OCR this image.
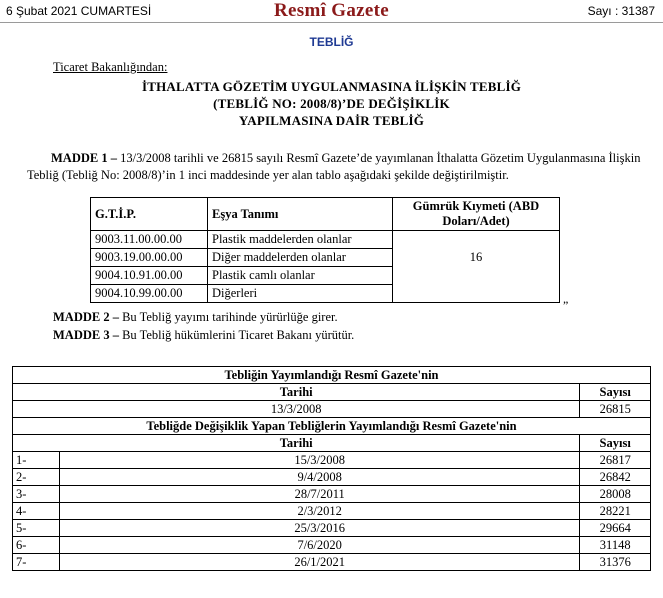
6 Şubat 2021 CUMARTESİ	Resmî Gazete	Sayı : 31387
TEBLİĞ
Ticaret Bakanlığından:
İTHALATTA GÖZETİM UYGULANMASINA İLİŞKİN TEBLİĞ
(TEBLİĞ NO: 2008/8)’DE DEĞİŞİKLİK
YAPILMASINA DAİR TEBLİĞ
MADDE 1 – 13/3/2008 tarihli ve 26815 sayılı Resmî Gazete’de yayımlanan İthalatta Gözetim Uygulanmasına İlişkin Tebliğ (Tebliğ No: 2008/8)’in 1 inci maddesinde yer alan tablo aşağıdaki şekilde değiştirilmiştir.
G.T.İ.P.	Eşya Tanımı	Gümrük Kıymeti (ABD Doları/Adet)
9003.11.00.00.00	Plastik maddelerden olanlar	16
9003.19.00.00.00	Diğer maddelerden olanlar	
9004.10.91.00.00	Plastik camlı olanlar	
9004.10.99.00.00	Diğerleri	
”
MADDE 2 – Bu Tebliğ yayımı tarihinde yürürlüğe girer.
MADDE 3 – Bu Tebliğ hükümlerini Ticaret Bakanı yürütür.
Tebliğin Yayımlandığı Resmî Gazete'nin		
Tarihi		Sayısı
13/3/2008		26815
Tebliğde Değişiklik Yapan Tebliğlerin Yayımlandığı Resmî Gazete'nin		
Tarihi		Sayısı
1-	15/3/2008	26817
2-	9/4/2008	26842
3-	28/7/2011	28008
4-	2/3/2012	28221
5-	25/3/2016	29664
6-	7/6/2020	31148
7-	26/1/2021	31376
